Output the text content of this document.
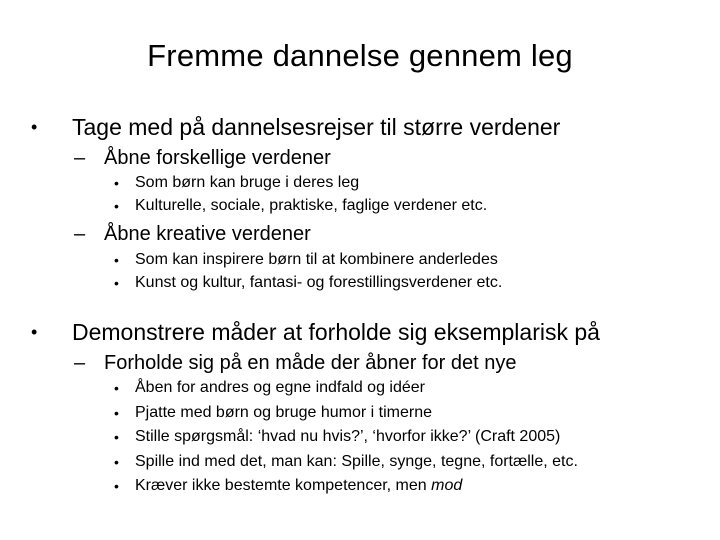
Fremme dannelse gennem leg
• Tage med på dannelsesrejser til større verdener
– Åbne forskellige verdener
• Som børn kan bruge i deres leg
• Kulturelle, sociale, praktiske, faglige verdener etc.
– Åbne kreative verdener
• Som kan inspirere børn til at kombinere anderledes
• Kunst og kultur, fantasi- og forestillingsverdener etc.
• Demonstrere måder at forholde sig eksemplarisk på
– Forholde sig på en måde der åbner for det nye
• Åben for andres og egne indfald og idéer
• Pjatte med børn og bruge humor i timerne
• Stille spørgsmål: ‘hvad nu hvis?’, ‘hvorfor ikke?’ (Craft 2005)
• Spille ind med det, man kan: Spille, synge, tegne, fortælle, etc.
• Kræver ikke bestemte kompetencer, men mod
